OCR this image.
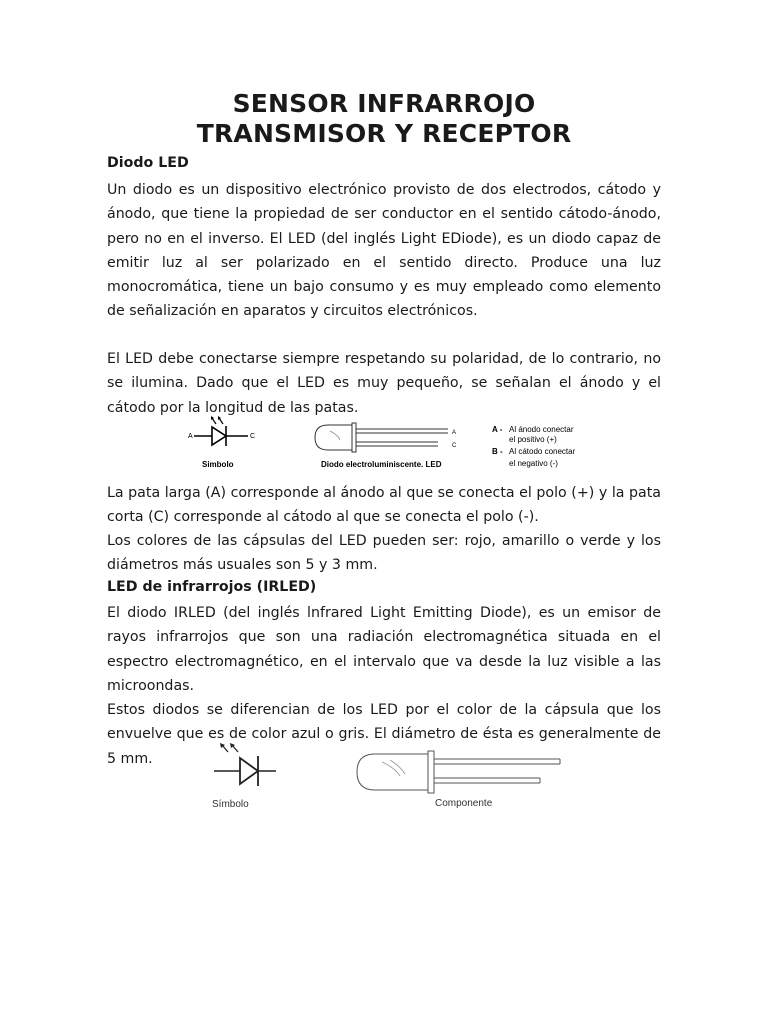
SENSOR INFRARROJO
TRANSMISOR Y RECEPTOR
Diodo LED
Un diodo es un dispositivo electrónico provisto de dos electrodos, cátodo y ánodo, que tiene la propiedad de ser conductor en el sentido cátodo-ánodo, pero no en el inverso. El LED (del inglés Light EDiode), es un diodo capaz de emitir luz al ser polarizado en el sentido directo. Produce una luz monocromática, tiene un bajo consumo y es muy empleado como elemento de señalización en aparatos y circuitos electrónicos.
El LED debe conectarse siempre respetando su polaridad, de lo contrario, no se ilumina. Dado que el LED es muy pequeño, se señalan el ánodo y el cátodo por la longitud de las patas.
A	C
Simbolo
A
C
Diodo electroluminiscente. LED
A - Al ánodo conectar
el positivo (+)
B - Al cátodo conectar
el negativo (-)
La pata larga (A) corresponde al ánodo al que se conecta el polo (+) y la pata corta (C) corresponde al cátodo al que se conecta el polo (-).
Los colores de las cápsulas del LED pueden ser: rojo, amarillo o verde y los diámetros más usuales son 5 y 3 mm.
LED de infrarrojos (IRLED)
El diodo IRLED (del inglés lnfrared Light Emitting Diode), es un emisor de rayos infrarrojos que son una radiación electromagnética situada en el espectro electromagnético, en el intervalo que va desde la luz visible a las microondas.
Estos diodos se diferencian de los LED por el color de la cápsula que los envuelve que es de color azul o gris. El diámetro de ésta es generalmente de 5 mm.
Símbolo	Componente
